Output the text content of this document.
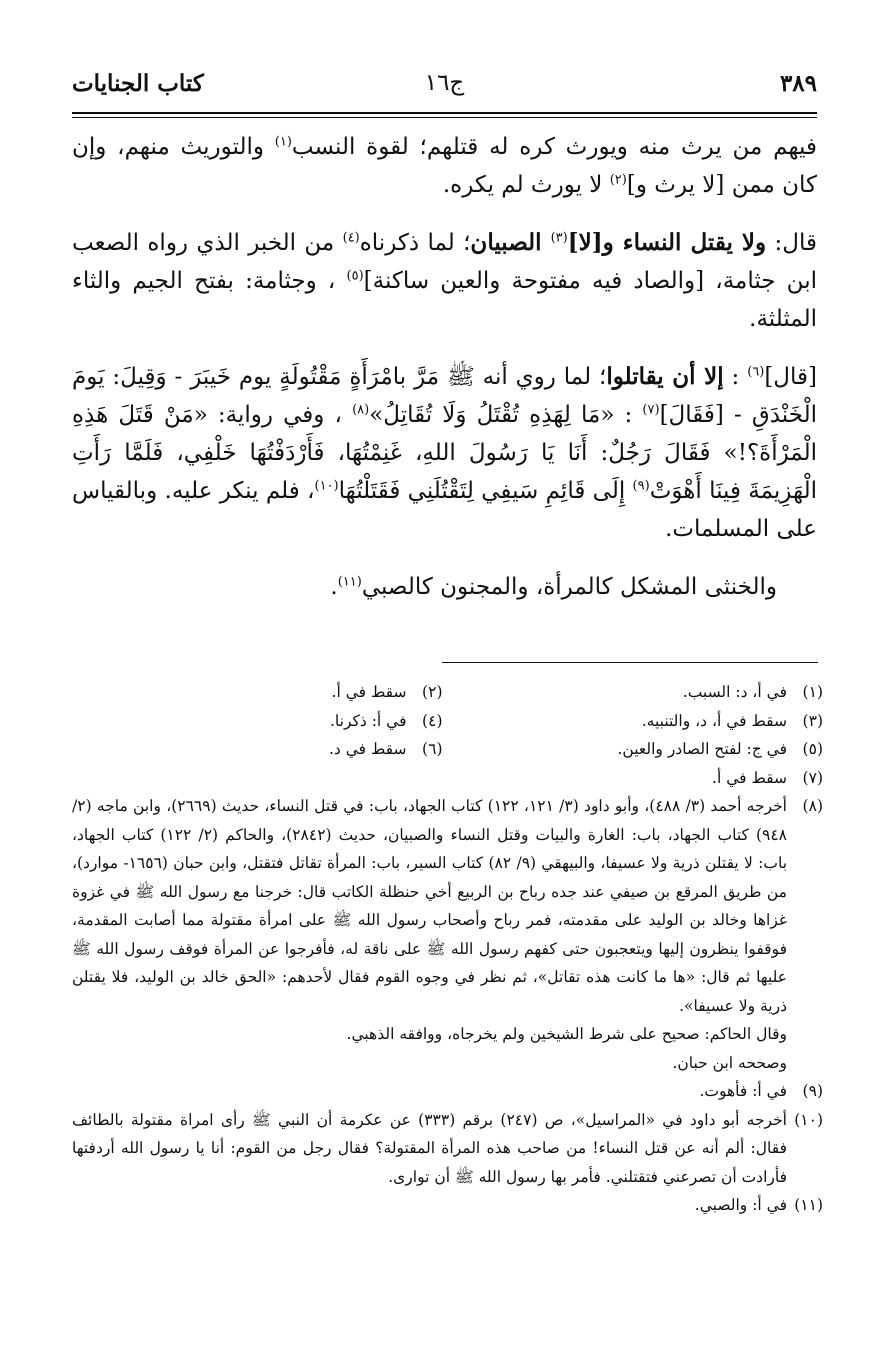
٣٨٩
ج١٦
كتاب الجنايات

فيهم من يرث منه ويورث كره له قتلهم؛ لقوة النسب$^{(١)}$ والتوريث منهم، وإن كان ممن [لا يرث و]$^{(٢)}$ لا يورث لم يكره.

قال: ولا يقتل النساء و[لا]$^{(٣)}$ الصبيان؛ لما ذكرناه$^{(٤)}$ من الخبر الذي رواه الصعب ابن جثامة، [والصاد فيه مفتوحة والعين ساكنة]$^{(٥)}$ ، وجثامة: بفتح الجيم والثاء المثلثة.

[قال]$^{(٦)}$ : إلا أن يقاتلوا؛ لما روي أنه ﷺ مَرَّ بامْرَأَةٍ مَقْتُولَةٍ يوم خَيبَرَ - وَقِيلَ: يَومَ الْخَنْدَقِ - [فَقَالَ]$^{(٧)}$ : «مَا لِهَذِهِ تُقْتَلُ وَلَا تُقَاتِلُ»$^{(٨)}$ ، وفي رواية: «مَنْ قَتَلَ هَذِهِ الْمَرْأَةَ؟!» فَقَالَ رَجُلٌ: أَنَا يَا رَسُولَ اللهِ، غَنِمْتُهَا، فَأَرْدَفْتُهَا خَلْفِي، فَلَمَّا رَأَتِ الْهَزِيمَةَ فِينَا أَهْوَتْ$^{(٩)}$ إِلَى قَائِمِ سَيفِي لِتَقْتُلَنِي فَقَتَلْتُهَا$^{(١٠)}$، فلم ينكر عليه. وبالقياس على المسلمات.

والخنثى المشكل كالمرأة، والمجنون كالصبي$^{(١١)}$.

(١)
في أ، د: السبب.
(٢)
سقط في أ.
(٣)
سقط في أ، د، والتنبيه.
(٤)
في أ: ذكرنا.
(٥)
في ج: لفتح الصادر والعين.
(٦)
سقط في د.
(٧)
سقط في أ.
(٨)
أخرجه أحمد (٣/ ٤٨٨)، وأبو داود (٣/ ١٢١، ١٢٢) كتاب الجهاد، باب: في قتل النساء، حديث (٢٦٦٩)، وابن ماجه (٢/ ٩٤٨) كتاب الجهاد، باب: الغارة والبيات وقتل النساء والصبيان، حديث (٢٨٤٢)، والحاكم (٢/ ١٢٢) كتاب الجهاد، باب: لا يقتلن ذرية ولا عسيفا، والبيهقي (٩/ ٨٢) كتاب السير، باب: المرأة تقاتل فتقتل، وابن حبان (١٦٥٦- موارد)، من طريق المرقع بن صيفي عند جده رباح بن الربيع أخي حنظلة الكاتب قال: خرجنا مع رسول الله ﷺ في غزوة غزاها وخالد بن الوليد على مقدمته، فمر رباح وأصحاب رسول الله ﷺ على امرأة مقتولة مما أصابت المقدمة، فوقفوا ينظرون إليها ويتعجبون حتى كفهم رسول الله ﷺ على ناقة له، فأفرجوا عن المرأة فوقف رسول الله ﷺ عليها ثم قال: «ها ما كانت هذه تقاتل»، ثم نظر في وجوه القوم فقال لأحدهم: «الحق خالد بن الوليد، فلا يقتلن ذرية ولا عسيفا».
وقال الحاكم: صحيح على شرط الشيخين ولم يخرجاه، ووافقه الذهبي.
وصححه ابن حبان.
(٩)
في أ: فأهوت.
(١٠)
أخرجه أبو داود في «المراسيل»، ص (٢٤٧) برقم (٣٣٣) عن عكرمة أن النبي ﷺ رأى امراة مقتولة بالطائف فقال: ألم أنه عن قتل النساء! من صاحب هذه المرأة المقتولة؟ فقال رجل من القوم: أنا يا رسول الله أردفتها فأرادت أن تصرعني فتقتلني. فأمر بها رسول الله ﷺ أن توارى.
(١١)
في أ: والصبي.
